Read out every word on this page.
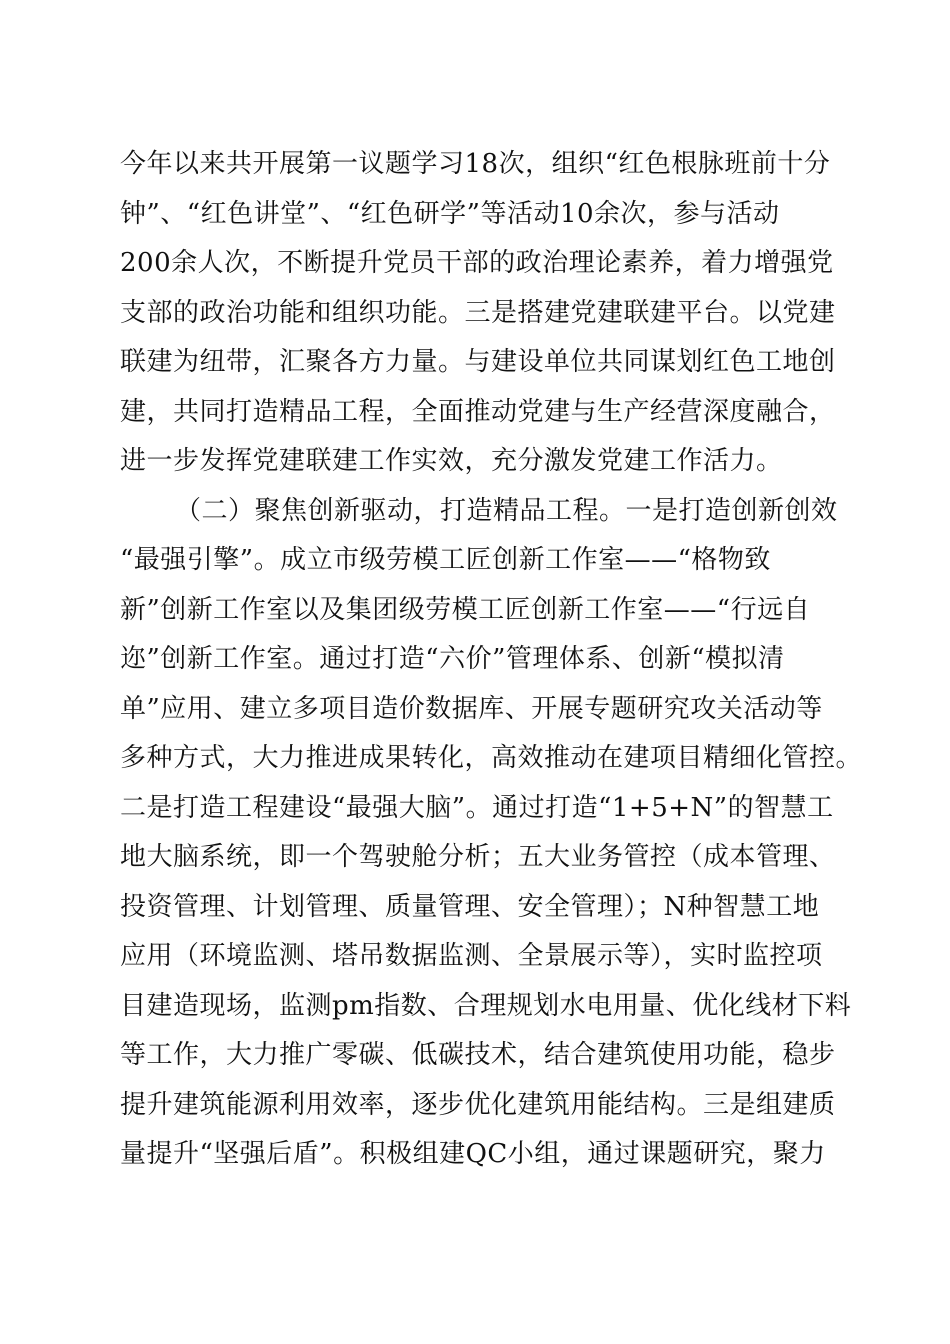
今年以来共开展第一议题学习18次，组织“红色根脉班前十分
钟”、“红色讲堂”、“红色研学”等活动10余次，参与活动
200余人次，不断提升党员干部的政治理论素养，着力增强党
支部的政治功能和组织功能。三是搭建党建联建平台。以党建
联建为纽带，汇聚各方力量。与建设单位共同谋划红色工地创
建，共同打造精品工程，全面推动党建与生产经营深度融合，
进一步发挥党建联建工作实效，充分激发党建工作活力。
（二）聚焦创新驱动，打造精品工程。一是打造创新创效
“最强引擎”。成立市级劳模工匠创新工作室——“格物致
新”创新工作室以及集团级劳模工匠创新工作室——“行远自
迩”创新工作室。通过打造“六价”管理体系、创新“模拟清
单”应用、建立多项目造价数据库、开展专题研究攻关活动等
多种方式，大力推进成果转化，高效推动在建项目精细化管控。
二是打造工程建设“最强大脑”。通过打造“1+5+N”的智慧工
地大脑系统，即一个驾驶舱分析；五大业务管控（成本管理、
投资管理、计划管理、质量管理、安全管理）；N种智慧工地
应用（环境监测、塔吊数据监测、全景展示等），实时监控项
目建造现场，监测pm指数、合理规划水电用量、优化线材下料
等工作，大力推广零碳、低碳技术，结合建筑使用功能，稳步
提升建筑能源利用效率，逐步优化建筑用能结构。三是组建质
量提升“坚强后盾”。积极组建QC小组，通过课题研究，聚力
